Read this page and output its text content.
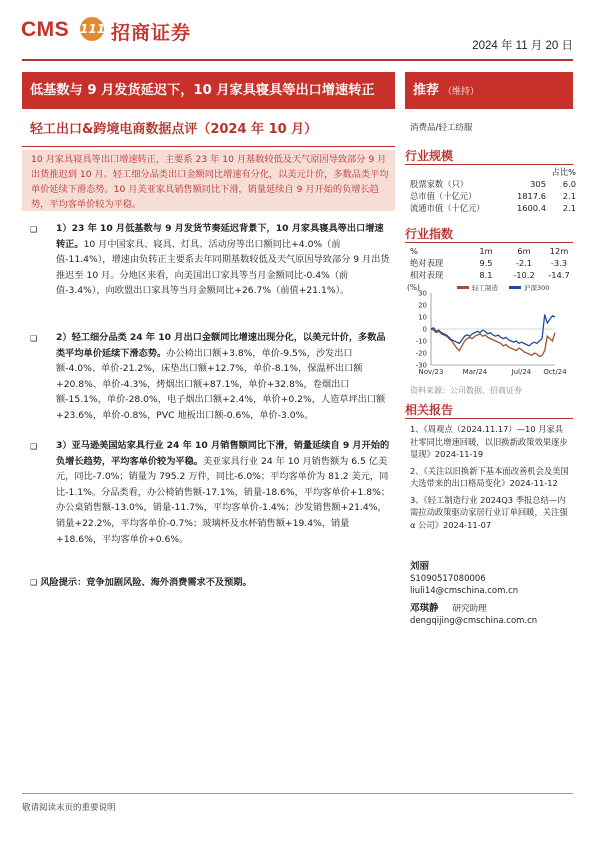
CMS 111 招商证券
2024 年 11 月 20 日
低基数与 9 月发货延迟下，10 月家具寝具等出口增速转正
轻工出口&跨境电商数据点评（2024 年 10 月）
10 月家具寝具等出口增速转正，主要系 23 年 10 月基数较低及天气原因导致部分 9 月出货推迟到 10 月。轻工细分品类出口金额同比增速有分化，以美元计价，多数品类平均单价延续下滑态势。10 月美亚家具销售额同比下滑，销量延续自 9 月开始的负增长趋势，平均客单价较为平稳。
❑ 1）23 年 10 月低基数与 9 月发货节奏延迟背景下，10 月家具寝具等出口增速转正。10 月中国家具、寝具、灯具、活动房等出口额同比+4.0%（前值-11.4%），增速由负转正主要系去年同期基数较低及天气原因导致部分 9 月出货推迟至 10 月。分地区来看，向美国出口家具等当月金额同比-0.4%（前值-3.4%），向欧盟出口家具等当月金额同比+26.7%（前值+21.1%）。
❑ 2）轻工细分品类 24 年 10 月出口金额同比增速出现分化，以美元计价，多数品类平均单价延续下滑态势。办公椅出口额+3.8%，单价-9.5%，沙发出口额-4.0%、单价-21.2%，床垫出口额+12.7%，单价-8.1%，保温杯出口额+20.8%、单价-4.3%，烤烟出口额+87.1%，单价+32.8%，卷烟出口额-15.1%，单价-28.0%，电子烟出口额+2.4%，单价+0.2%，人造草坪出口额+23.6%，单价-0.8%，PVC 地板出口额-0.6%，单价-3.0%。
❑ 3）亚马逊美国站家具行业 24 年 10 月销售额同比下滑，销量延续自 9 月开始的负增长趋势，平均客单价较为平稳。美亚家具行业 24 年 10 月销售额为 6.5 亿美元，同比-7.0%；销量为 795.2 万件，同比-6.0%；平均客单价为 81.2 美元，同比-1.1%。分品类看，办公椅销售额-17.1%，销量-18.6%，平均客单价+1.8%；办公桌销售额-13.0%，销量-11.7%，平均客单价-1.4%；沙发销售额+21.4%，销量+22.2%，平均客单价-0.7%；玻璃杯及水杯销售额+19.4%，销量+18.6%，平均客单价+0.6%。
❑ 风险提示：竞争加剧风险、海外消费需求不及预期。
推荐 （维持）
消费品/轻工纺服
行业规模
		占比%
股票家数（只）	305	6.0
总市值（十亿元）	1817.6	2.1
流通市值（十亿元）	1600.4	2.1
行业指数
%	1m	6m	12m
绝对表现	9.5	-2.1	-3.3
相对表现	8.1	-10.2	-14.7
(%)
30
20
10
0
-10
-20
-30
Nov/23	Mar/24	Jul/24 Oct/24
轻工制造	沪深300
资料来源：公司数据、招商证券
相关报告
1、《周观点（2024.11.17）—10 月家具社零同比增速回暖，以旧换新政策效果逐步显现》2024-11-19
2、《关注以旧换新下基本面改善机会及美国大选带来的出口格局变化》2024-11-12
3、《轻工制造行业 2024Q3 季报总结—内需拉动政策驱动家居行业订单回暖，关注强 α 公司》2024-11-07
刘丽
S1090517080006
liuli14@cmschina.com.cn
邓琪静 研究助理
dengqijing@cmschina.com.cn
敬请阅读末页的重要说明
